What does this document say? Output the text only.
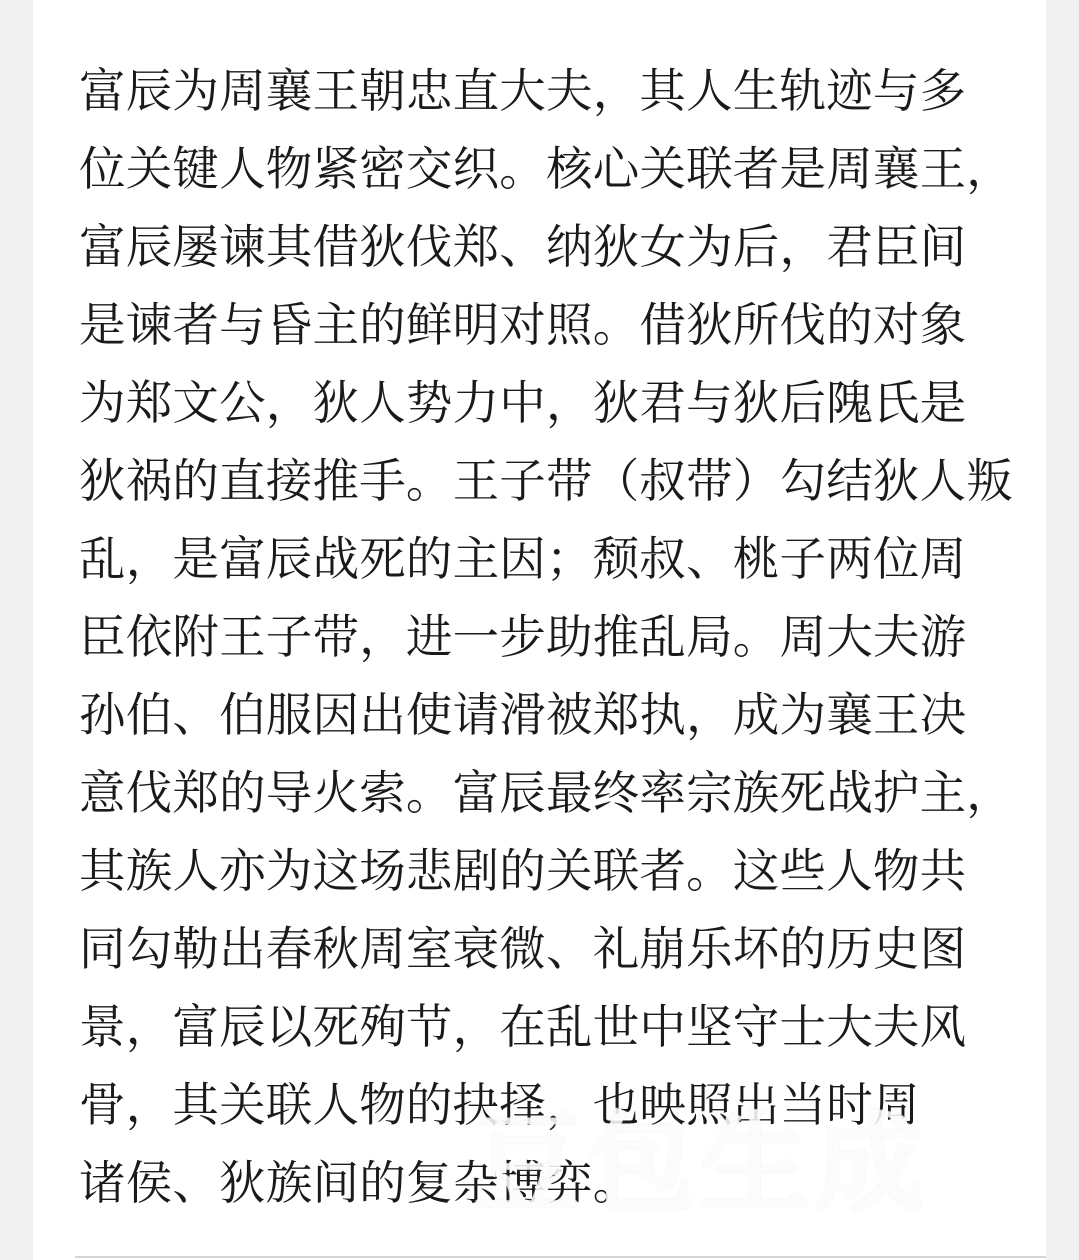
富辰为周襄王朝忠直大夫，其人生轨迹与多
位关键人物紧密交织。核心关联者是周襄王，
富辰屡谏其借狄伐郑、纳狄女为后，君臣间
是谏者与昏主的鲜明对照。借狄所伐的对象
为郑文公，狄人势力中，狄君与狄后隗氏是
狄祸的直接推手。王子带（叔带）勾结狄人叛
乱，是富辰战死的主因；颓叔、桃子两位周
臣依附王子带，进一步助推乱局。周大夫游
孙伯、伯服因出使请滑被郑执，成为襄王决
意伐郑的导火索。富辰最终率宗族死战护主，
其族人亦为这场悲剧的关联者。这些人物共
同勾勒出春秋周室衰微、礼崩乐坏的历史图
景，富辰以死殉节，在乱世中坚守士大夫风
骨，其关联人物的抉择，也映照出当时周
诸侯、狄族间的复杂博弈。
豆包生成
